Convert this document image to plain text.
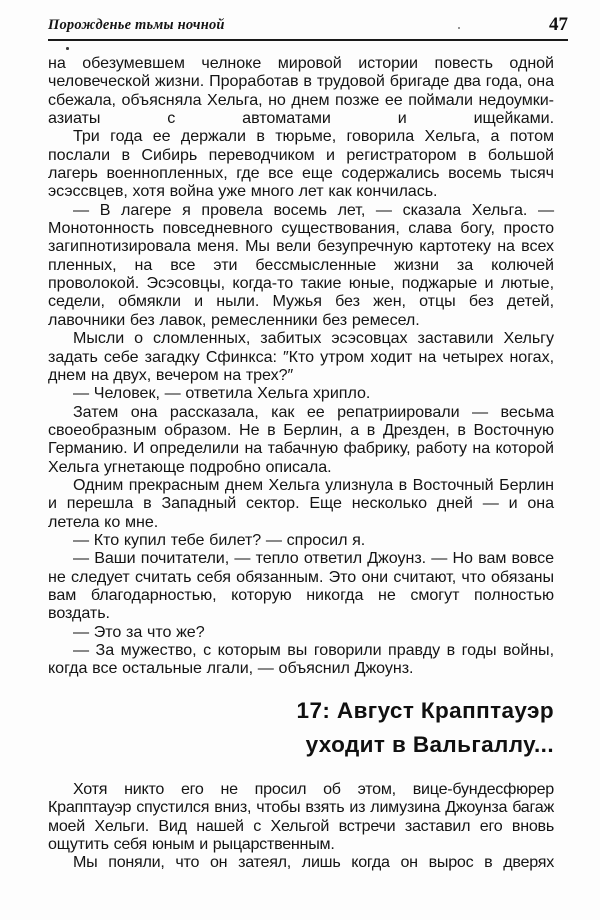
Порожденье тьмы ночной	47

на обезумевшем челноке мировой истории повесть одной человеческой жизни. Проработав в трудовой бригаде два года, она сбежала, объясняла Хельга, но днем позже ее поймали недоумки-азиаты с автоматами и ищейками.

Три года ее держали в тюрьме, говорила Хельга, а потом послали в Сибирь переводчиком и регистратором в большой лагерь военнопленных, где все еще содержались восемь тысяч эсэссвцев, хотя война уже много лет как кончилась.

— В лагере я провела восемь лет, — сказала Хельга. — Монотонность повседневного существования, слава богу, просто загипнотизировала меня. Мы вели безупречную картотеку на всех пленных, на все эти бессмысленные жизни за колючей проволокой. Эсэсовцы, когда-то такие юные, поджарые и лютые, седели, обмякли и ныли. Мужья без жен, отцы без детей, лавочники без лавок, ремесленники без ремесел.

Мысли о сломленных, забитых эсэсовцах заставили Хельгу задать себе загадку Сфинкса: ″Кто утром ходит на четырех ногах, днем на двух, вечером на трех?″

— Человек, — ответила Хельга хрипло.

Затем она рассказала, как ее репатриировали — весьма своеобразным образом. Не в Берлин, а в Дрезден, в Восточную Германию. И определили на табачную фабрику, работу на которой Хельга угнетающе подробно описала.

Одним прекрасным днем Хельга улизнула в Восточный Берлин и перешла в Западный сектор. Еще несколько дней — и она летела ко мне.

— Кто купил тебе билет? — спросил я.

— Ваши почитатели, — тепло ответил Джоунз. — Но вам вовсе не следует считать себя обязанным. Это они считают, что обязаны вам благодарностью, которую никогда не смогут полностью воздать.

— Это за что же?

— За мужество, с которым вы говорили правду в годы войны, когда все остальные лгали, — объяснил Джоунз.

17: Август Крапптауэр
уходит в Вальгаллу...

Хотя никто его не просил об этом, вице-бундесфюрер Крапптауэр спустился вниз, чтобы взять из лимузина Джоунза багаж моей Хельги. Вид нашей с Хельгой встречи заставил его вновь ощутить себя юным и рыцарственным.

Мы поняли, что он затеял, лишь когда он вырос в дверях
